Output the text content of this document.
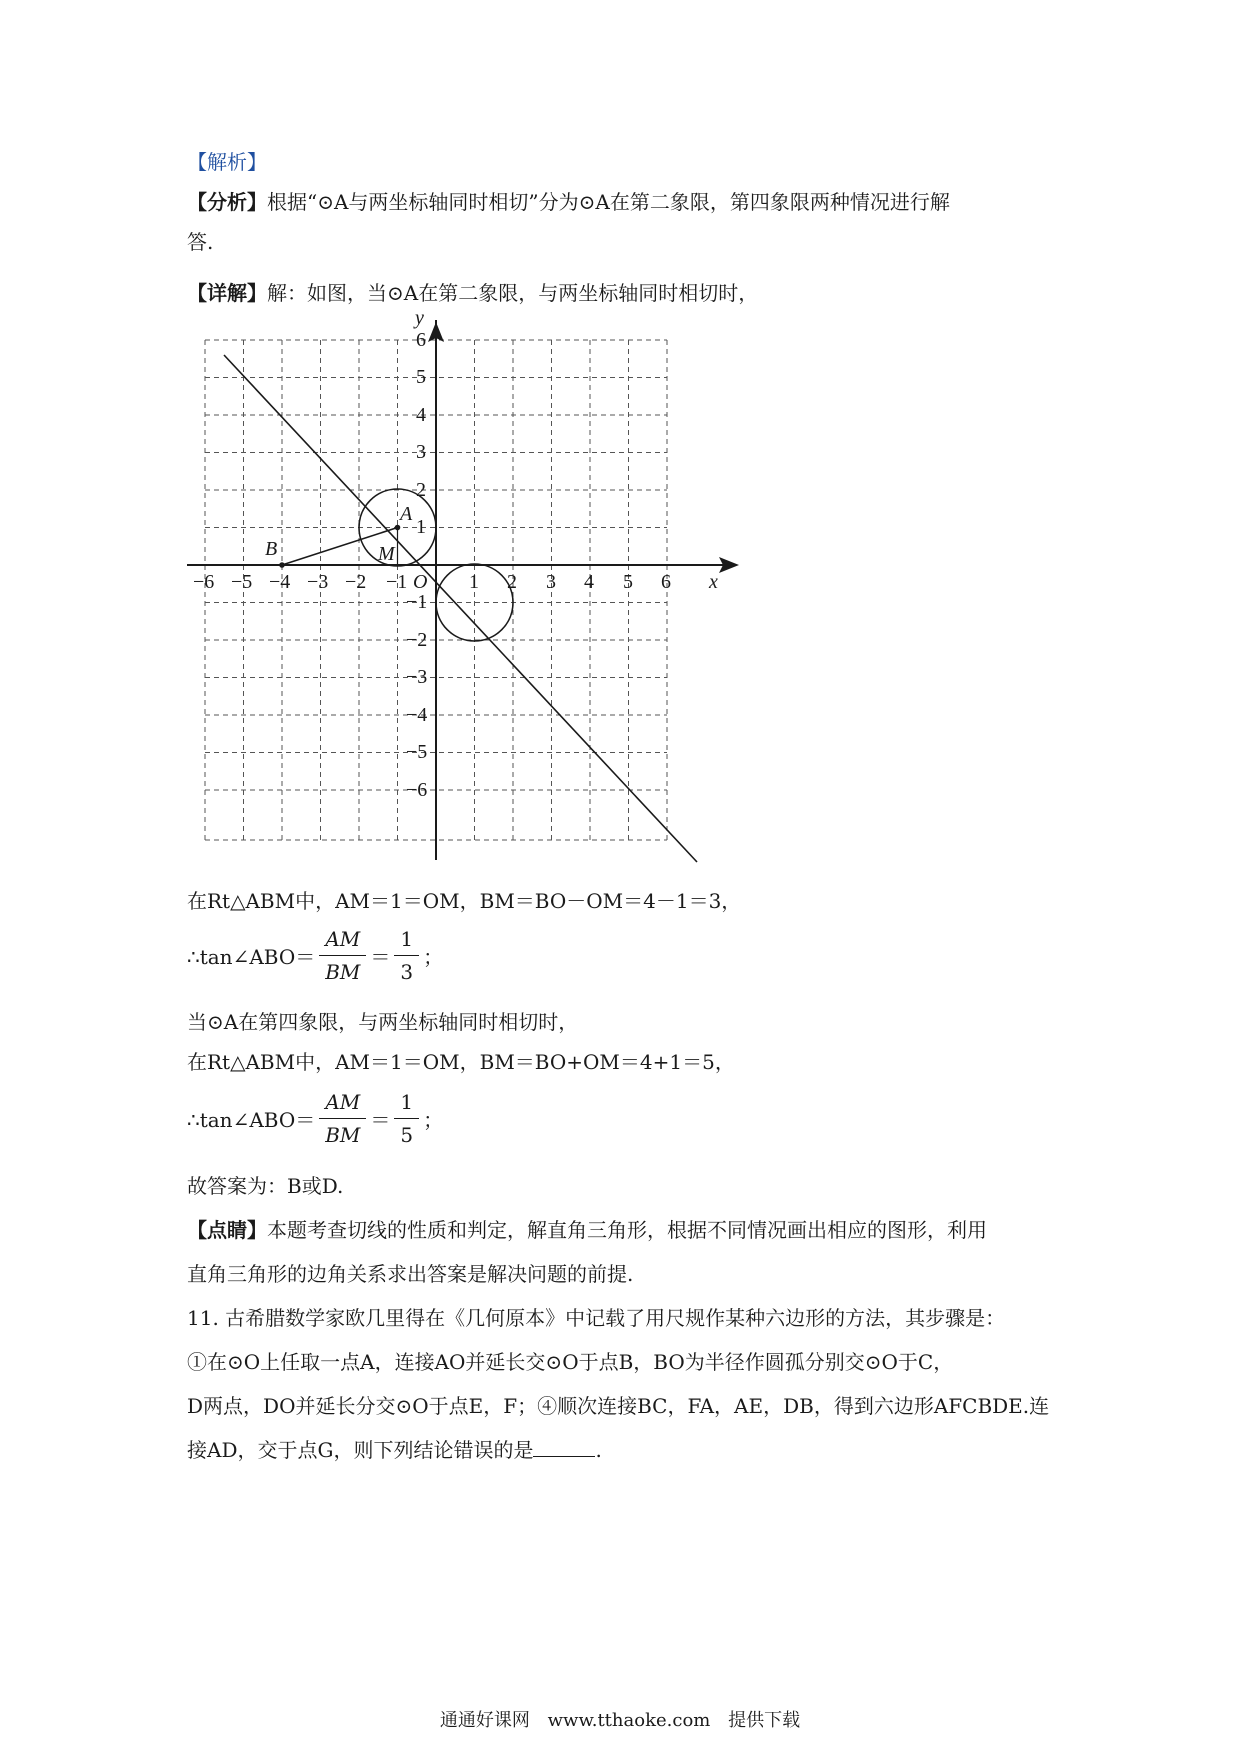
【解析】
【分析】根据“⊙A与两坐标轴同时相切”分为⊙A在第二象限，第四象限两种情况进行解
答.
【详解】解：如图，当⊙A在第二象限，与两坐标轴同时相切时，
x
y
−6 −5 −4 −3 −2 −1 O 1 2 3 4 5 6
6
5
4
3
2
1
−1
−2
−3
−4
−5
−6
A
B	M
在Rt△ABM中，AM＝1＝OM，BM＝BO－OM＝4－1＝3，
∴tan∠ABO＝ $\frac{AM}{BM} = \frac{1}{3}$ ；
当⊙A在第四象限，与两坐标轴同时相切时，
在Rt△ABM中，AM＝1＝OM，BM＝BO+OM＝4+1＝5，
∴tan∠ABO＝ $\frac{AM}{BM} = \frac{1}{5}$ ；
故答案为：B或D.
【点睛】本题考查切线的性质和判定，解直角三角形，根据不同情况画出相应的图形，利用
直角三角形的边角关系求出答案是解决问题的前提.
11. 古希腊数学家欧几里得在《几何原本》中记载了用尺规作某种六边形的方法，其步骤是：
①在⊙O上任取一点A，连接AO并延长交⊙O于点B，BO为半径作圆孤分别交⊙O于C，
D两点，DO并延长分交⊙O于点E，F；④顺次连接BC，FA，AE，DB，得到六边形AFCBDE.连
接AD，交于点G，则下列结论错误的是	.
通通好课网 www.tthaoke.com 提供下载
